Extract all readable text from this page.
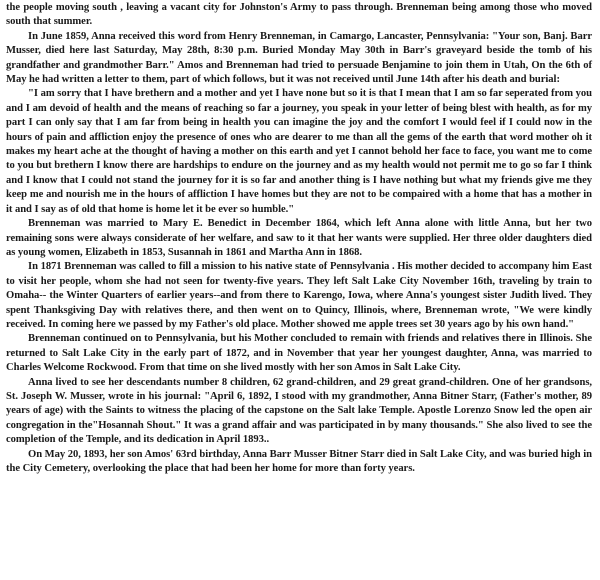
the people moving south , leaving a vacant city for Johnston's Army to pass through. Brenneman being among those who moved south that summer.

In June 1859, Anna received this word from Henry Brenneman, in Camargo, Lancaster, Pennsylvania: "Your son, Banj. Barr Musser, died here last Saturday, May 28th, 8:30 p.m. Buried Monday May 30th in Barr's graveyard beside the tomb of his grandfather and grandmother Barr." Amos and Brenneman had tried to persuade Benjamine to join them in Utah, On the 6th of May he had written a letter to them, part of which follows, but it was not received until June 14th after his death and burial:

"I am sorry that I have brethern and a mother and yet I have none but so it is that I mean that I am so far seperated from you and I am devoid of health and the means of reaching so far a journey, you speak in your letter of being blest with health, as for my part I can only say that I am far from being in health you can imagine the joy and the comfort I would feel if I could now in the hours of pain and affliction enjoy the presence of ones who are dearer to me than all the gems of the earth that word mother oh it makes my heart ache at the thought of having a mother on this earth and yet I cannot behold her face to face, you want me to come to you but brethern I know there are hardships to endure on the journey and as my health would not permit me to go so far I think and I know that I could not stand the journey for it is so far and another thing is I have nothing but what my friends give me they keep me and nourish me in the hours of affliction I have homes but they are not to be compaired with a home that has a mother in it and I say as of old that home is home let it be ever so humble."

Brenneman was married to Mary E. Benedict in December 1864, which left Anna alone with little Anna, but her two remaining sons were always considerate of her welfare, and saw to it that her wants were supplied. Her three older daughters died as young women, Elizabeth in 1853, Susannah in 1861 and Martha Ann in 1868.

In 1871 Brenneman was called to fill a mission to his native state of Pennsylvania . His mother decided to accompany him East to visit her people, whom she had not seen for twenty-five years. They left Salt Lake City November 16th, traveling by train to Omaha-- the Winter Quarters of earlier years--and from there to Karengo, Iowa, where Anna's youngest sister Judith lived. They spent Thanksgiving Day with relatives there, and then went on to Quincy, Illinois, where, Brenneman wrote, "We were kindly received. In coming here we passed by my Father's old place. Mother showed me apple trees set 30 years ago by his own hand."

Brenneman continued on to Pennsylvania, but his Mother concluded to remain with friends and relatives there in Illinois. She returned to Salt Lake City in the early part of 1872, and in November that year her youngest daughter, Anna, was married to Charles Welcome Rockwood. From that time on she lived mostly with her son Amos in Salt Lake City.

Anna lived to see her descendants number 8 children, 62 grand-children, and 29 great grand-children. One of her grandsons, St. Joseph W. Musser, wrote in his journal: "April 6, 1892, I stood with my grandmother, Anna Bitner Starr, (Father's mother, 89 years of age) with the Saints to witness the placing of the capstone on the Salt lake Temple. Apostle Lorenzo Snow led the open air congregation in the"Hosannah Shout." It was a grand affair and was participated in by many thousands." She also lived to see the completion of the Temple, and its dedication in April 1893..

On May 20, 1893, her son Amos' 63rd birthday, Anna Barr Musser Bitner Starr died in Salt Lake City, and was buried high in the City Cemetery, overlooking the place that had been her home for more than forty years.
